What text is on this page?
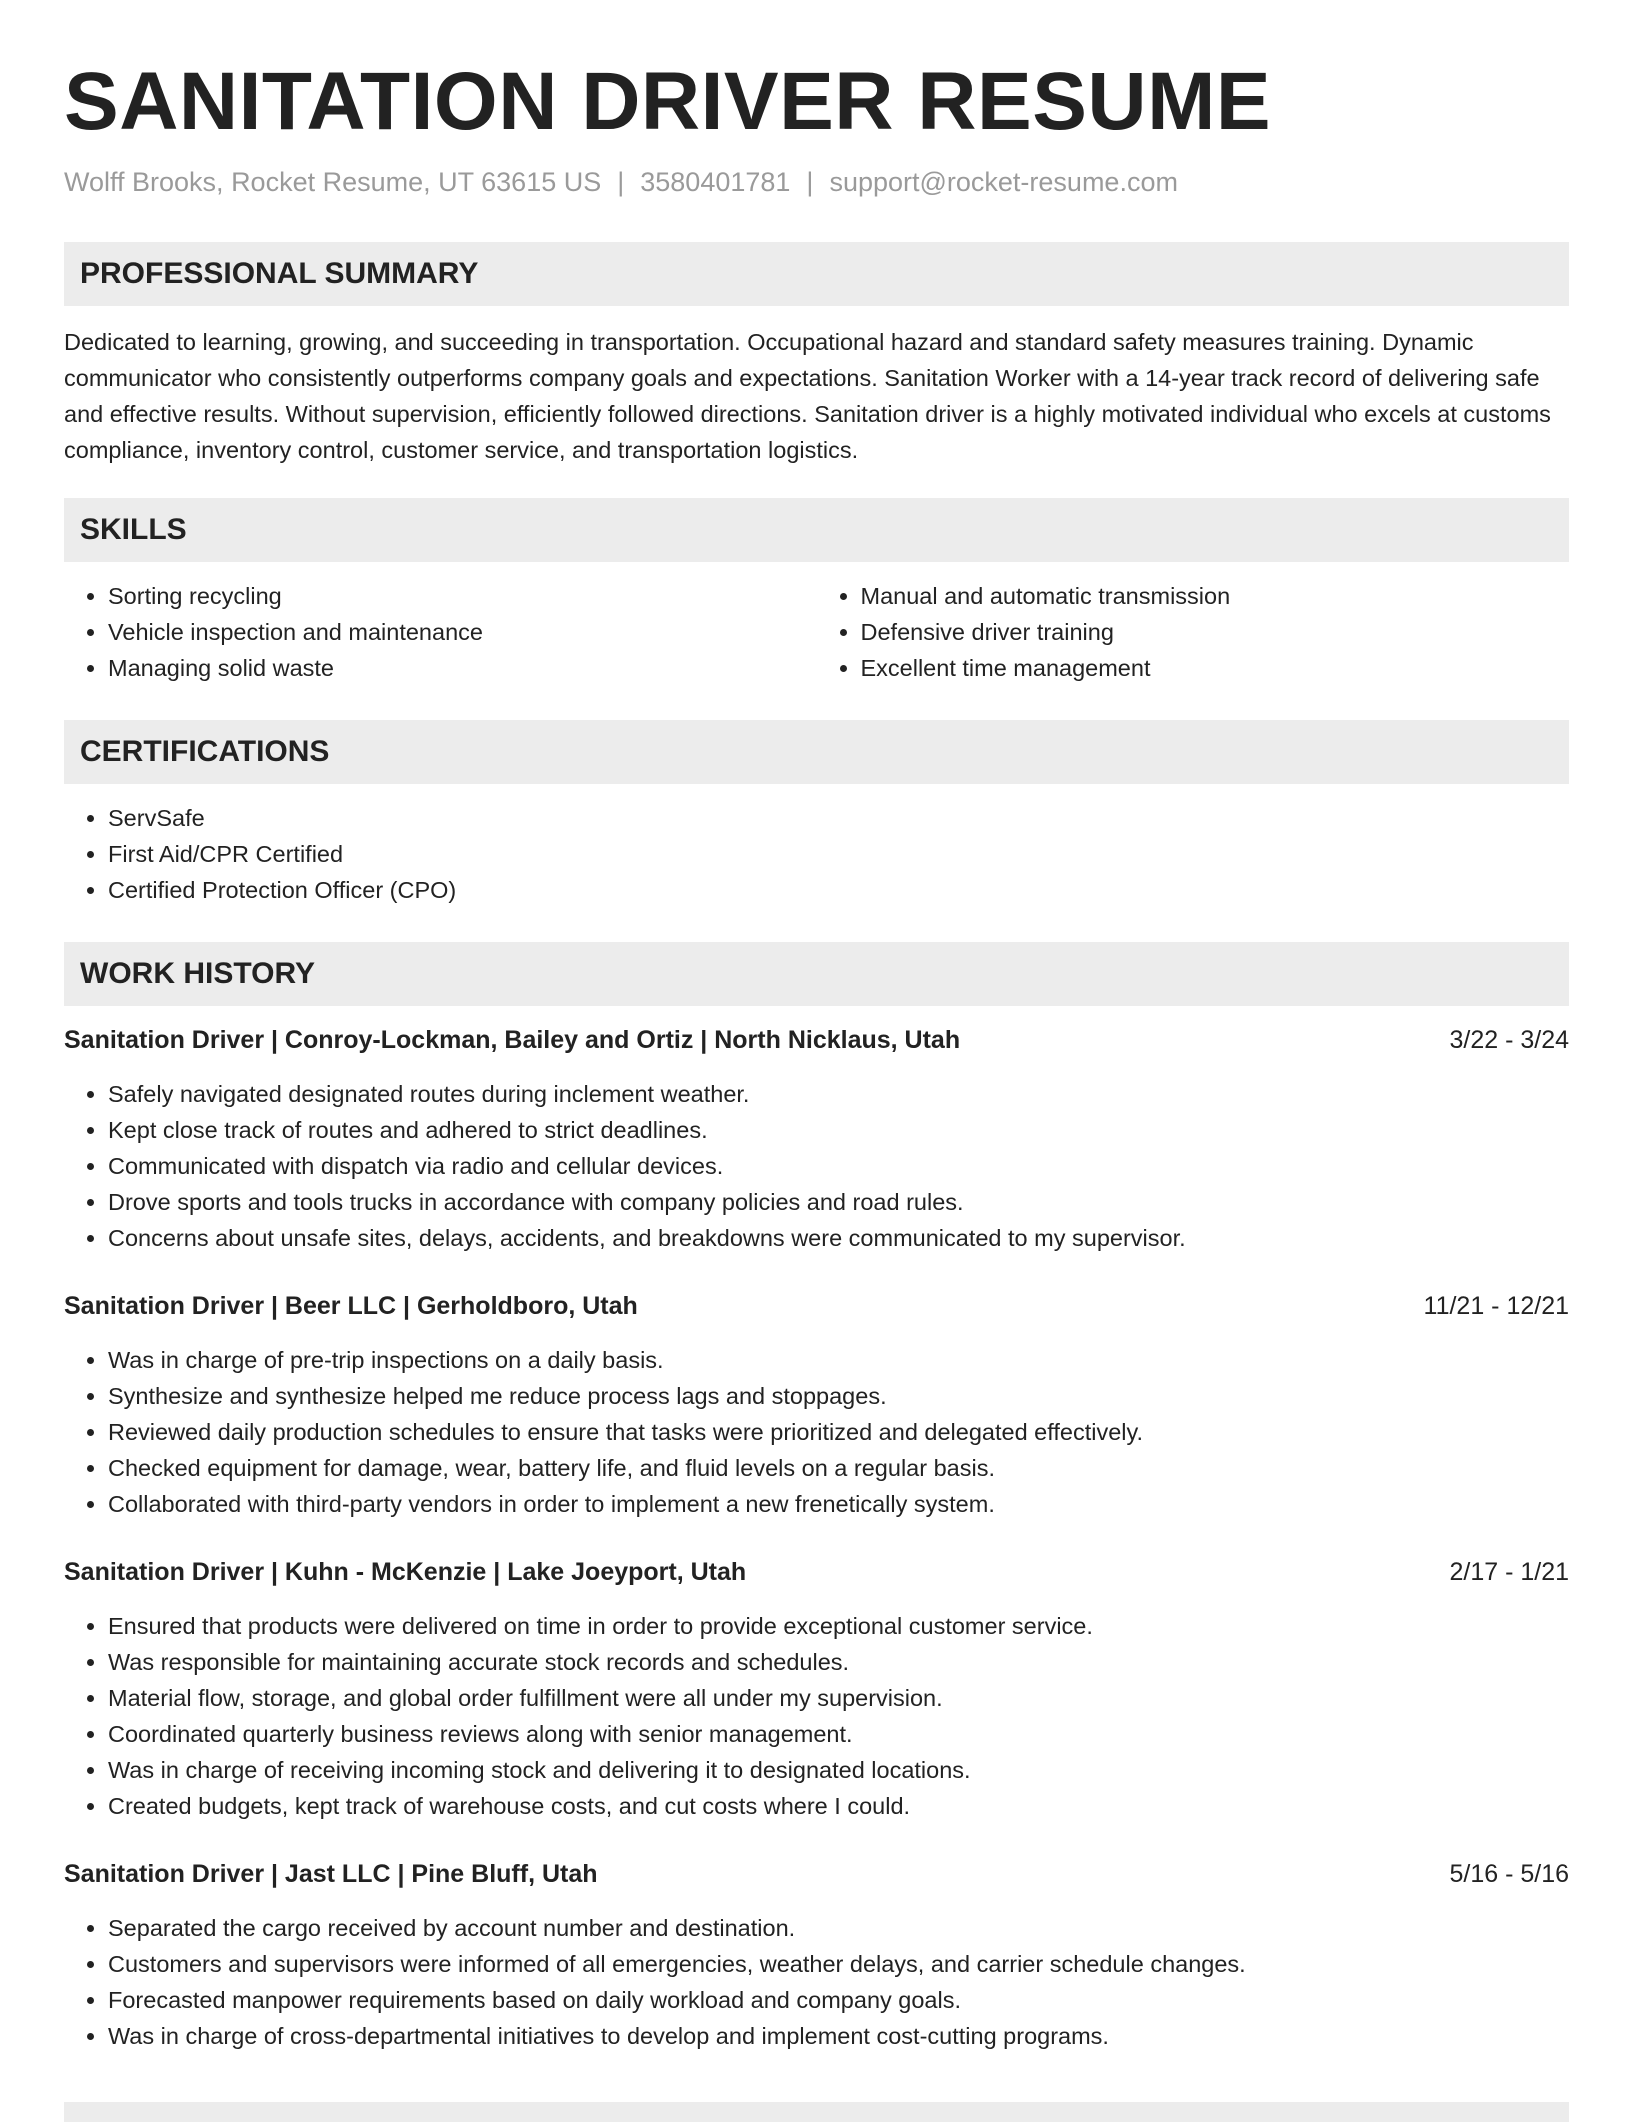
SANITATION DRIVER RESUME
Wolff Brooks, Rocket Resume, UT 63615 US | 3580401781 | support@rocket-resume.com
PROFESSIONAL SUMMARY

Dedicated to learning, growing, and succeeding in transportation. Occupational hazard and standard safety measures training. Dynamic communicator who consistently outperforms company goals and expectations. Sanitation Worker with a 14-year track record of delivering safe and effective results. Without supervision, efficiently followed directions. Sanitation driver is a highly motivated individual who excels at customs compliance, inventory control, customer service, and transportation logistics.

SKILLS
• Sorting recycling
• Vehicle inspection and maintenance
• Managing solid waste
• Manual and automatic transmission
• Defensive driver training
• Excellent time management
CERTIFICATIONS
• ServSafe
• First Aid/CPR Certified
• Certified Protection Officer (CPO)
WORK HISTORY
Sanitation Driver | Conroy-Lockman, Bailey and Ortiz | North Nicklaus, Utah	3/22 - 3/24
• Safely navigated designated routes during inclement weather.
• Kept close track of routes and adhered to strict deadlines.
• Communicated with dispatch via radio and cellular devices.
• Drove sports and tools trucks in accordance with company policies and road rules.
• Concerns about unsafe sites, delays, accidents, and breakdowns were communicated to my supervisor.
Sanitation Driver | Beer LLC | Gerholdboro, Utah	11/21 - 12/21
• Was in charge of pre-trip inspections on a daily basis.
• Synthesize and synthesize helped me reduce process lags and stoppages.
• Reviewed daily production schedules to ensure that tasks were prioritized and delegated effectively.
• Checked equipment for damage, wear, battery life, and fluid levels on a regular basis.
• Collaborated with third-party vendors in order to implement a new frenetically system.
Sanitation Driver | Kuhn - McKenzie | Lake Joeyport, Utah	2/17 - 1/21
• Ensured that products were delivered on time in order to provide exceptional customer service.
• Was responsible for maintaining accurate stock records and schedules.
• Material flow, storage, and global order fulfillment were all under my supervision.
• Coordinated quarterly business reviews along with senior management.
• Was in charge of receiving incoming stock and delivering it to designated locations.
• Created budgets, kept track of warehouse costs, and cut costs where I could.
Sanitation Driver | Jast LLC | Pine Bluff, Utah	5/16 - 5/16
• Separated the cargo received by account number and destination.
• Customers and supervisors were informed of all emergencies, weather delays, and carrier schedule changes.
• Forecasted manpower requirements based on daily workload and company goals.
• Was in charge of cross-departmental initiatives to develop and implement cost-cutting programs.
